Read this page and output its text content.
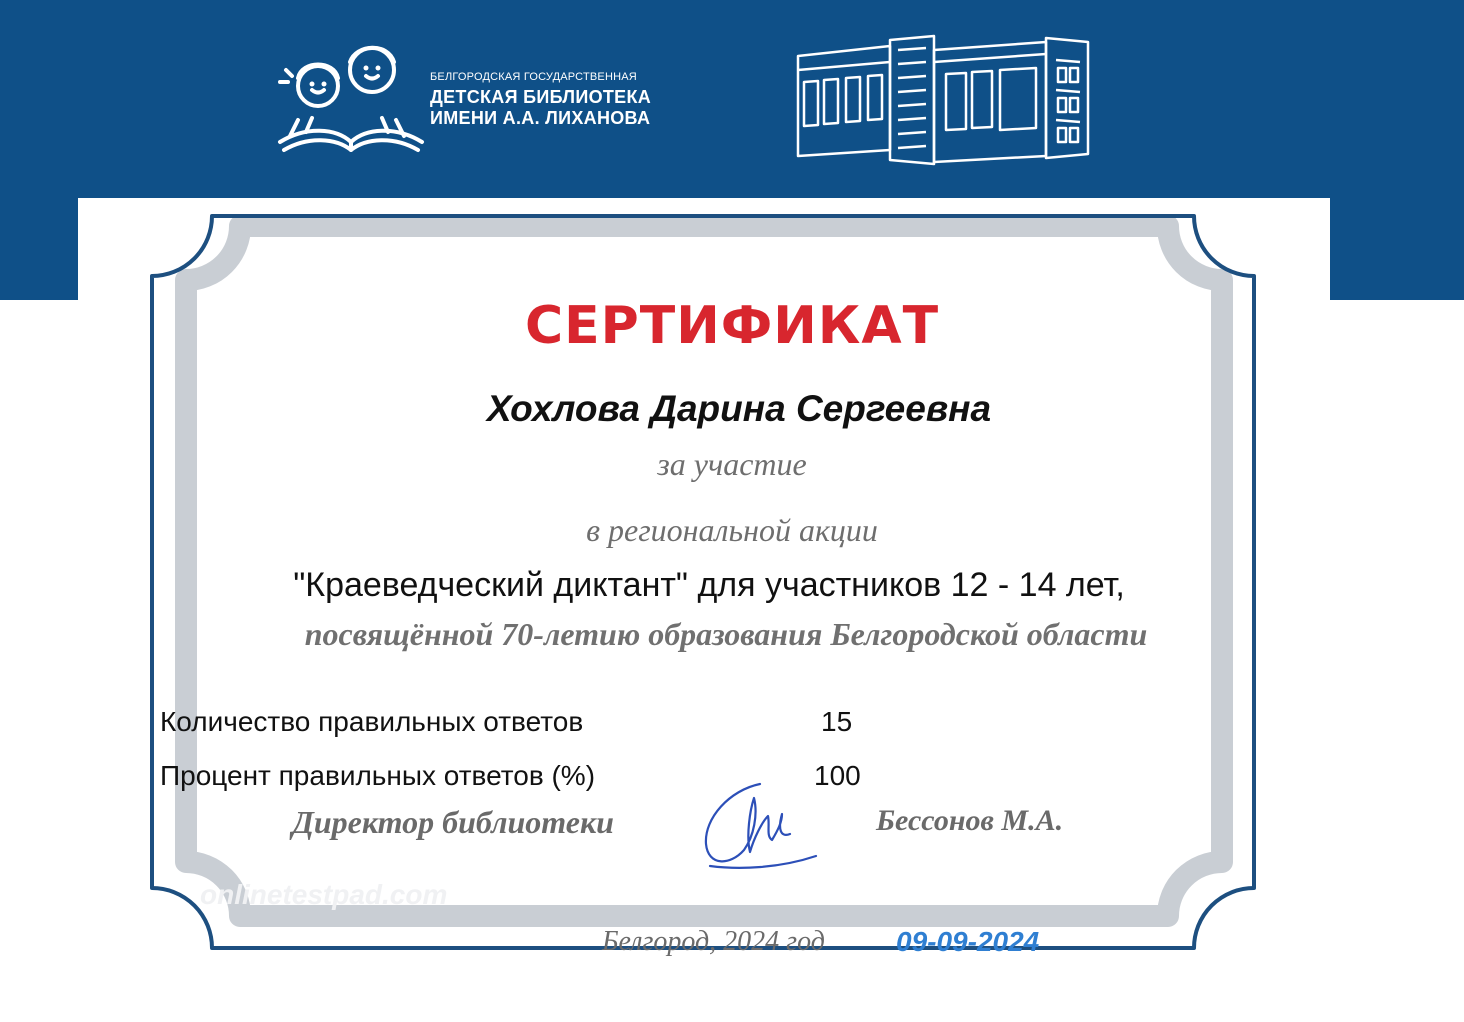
БЕЛГОРОДСКАЯ ГОСУДАРСТВЕННАЯ
ДЕТСКАЯ БИБЛИОТЕКА
ИМЕНИ А.А. ЛИХАНОВА
СЕРТИФИКАТ
Хохлова Дарина Сергеевна
за участие
в региональной акции
"Краеведческий диктант" для участников 12 - 14 лет,
посвящённой 70-летию образования Белгородской области
Количество правильных ответов	15
Процент правильных ответов (%)	100
Директор библиотеки	Бессонов М.А.
onlinetestpad.com
Белгород, 2024 год	09-09-2024
